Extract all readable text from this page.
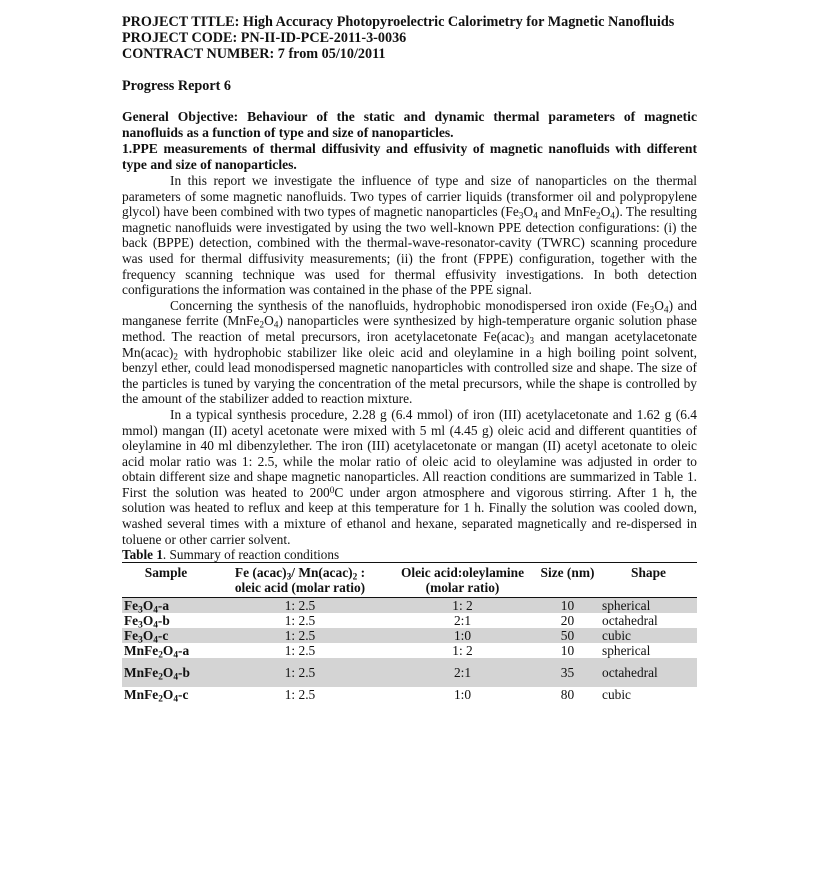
PROJECT TITLE: High Accuracy Photopyroelectric Calorimetry for Magnetic Nanofluids

PROJECT CODE: PN-II-ID-PCE-2011-3-0036

CONTRACT NUMBER: 7 from 05/10/2011

Progress Report 6

General Objective: Behaviour of the static and dynamic thermal parameters of magnetic nanofluids as a function of type and size of nanoparticles.

1.PPE measurements of thermal diffusivity and effusivity of magnetic nanofluids with different type and size of nanoparticles.

In this report we investigate the influence of type and size of nanoparticles on the thermal parameters of some magnetic nanofluids. Two types of carrier liquids (transformer oil and polypropylene glycol) have been combined with two types of magnetic nanoparticles ($Fe_3O_4$ and $MnFe_2O_4$). The resulting magnetic nanofluids were investigated by using the two well-known PPE detection configurations: (i) the back (BPPE) detection, combined with the thermal-wave-resonator-cavity (TWRC) scanning procedure was used for thermal diffusivity measurements; (ii) the front (FPPE) configuration, together with the frequency scanning technique was used for thermal effusivity investigations. In both detection configurations the information was contained in the phase of the PPE signal.

Concerning the synthesis of the nanofluids, hydrophobic monodispersed iron oxide $(Fe_3O_4)$ and manganese ferrite $(MnFe_2O_4)$ nanoparticles were synthesized by high-temperature organic solution phase method. The reaction of metal precursors, iron acetylacetonate $Fe(acac)_3$ and mangan acetylacetonate $Mn(acac)_2$ with hydrophobic stabilizer like oleic acid and oleylamine in a high boiling point solvent, benzyl ether, could lead monodispersed magnetic nanoparticles with controlled size and shape. The size of the particles is tuned by varying the concentration of the metal precursors, while the shape is controlled by the amount of the stabilizer added to reaction mixture.

In a typical synthesis procedure, 2.28 g (6.4 mmol) of iron (III) acetylacetonate and 1.62 g (6.4 mmol) mangan (II) acetyl acetonate were mixed with 5 ml (4.45 g) oleic acid and different quantities of oleylamine in 40 ml dibenzylether. The iron (III) acetylacetonate or mangan (II) acetyl acetonate to oleic acid molar ratio was 1: 2.5, while the molar ratio of oleic acid to oleylamine was adjusted in order to obtain different size and shape magnetic nanoparticles. All reaction conditions are summarized in Table 1. First the solution was heated to $200^0C$ under argon atmosphere and vigorous stirring. After 1 h, the solution was heated to reflux and keep at this temperature for 1 h. Finally the solution was cooled down, washed several times with a mixture of ethanol and hexane, separated magnetically and re-dispersed in toluene or other carrier solvent.

Table 1. Summary of reaction conditions

Sample	Fe $(acac)_3/$ $Mn(acac)_2$ :
oleic acid (molar ratio)	Oleic acid:oleylamine (molar ratio)	Size (nm)	Shape
$Fe_3O_4-a$	1: 2.5	1: 2	10	spherical
$Fe_3O_4-b$	1: 2.5	2:1	20	octahedral
$Fe_3O_4-c$	1: 2.5	1:0	50	cubic
$MnFe_2O_4-a$	1: 2.5	1: 2	10	spherical
$MnFe_2O_4-b$	1: 2.5	2:1	35	octahedral
$MnFe_2O_4-c$	1: 2.5	1:0	80	cubic
